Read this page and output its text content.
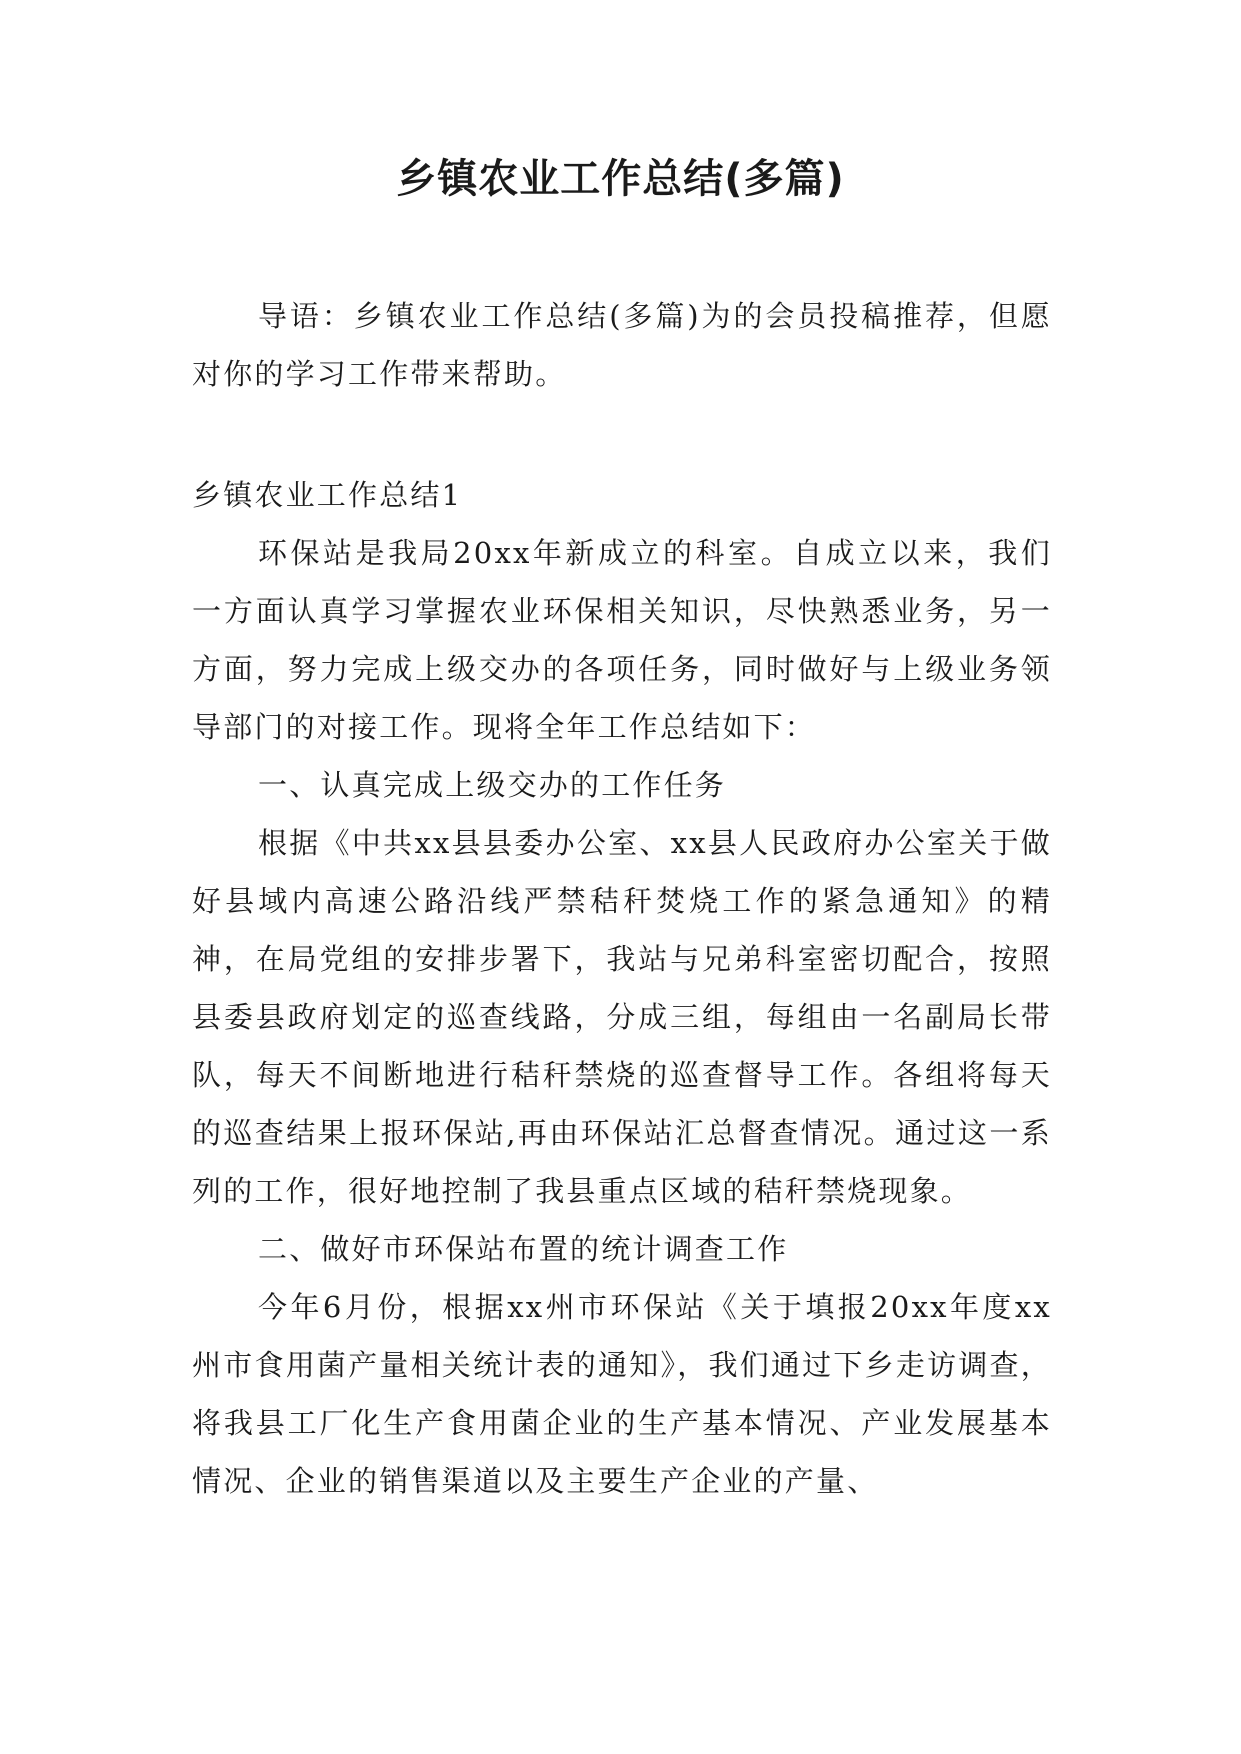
乡镇农业工作总结(多篇)

导语：乡镇农业工作总结(多篇)为的会员投稿推荐，但愿对你的学习工作带来帮助。

乡镇农业工作总结1

环保站是我局20xx年新成立的科室。自成立以来，我们一方面认真学习掌握农业环保相关知识，尽快熟悉业务，另一方面，努力完成上级交办的各项任务，同时做好与上级业务领导部门的对接工作。现将全年工作总结如下：

一、认真完成上级交办的工作任务

根据《中共xx县县委办公室、xx县人民政府办公室关于做好县域内高速公路沿线严禁秸秆焚烧工作的紧急通知》的精神，在局党组的安排步署下，我站与兄弟科室密切配合，按照县委县政府划定的巡查线路，分成三组，每组由一名副局长带队，每天不间断地进行秸秆禁烧的巡查督导工作。各组将每天的巡查结果上报环保站,再由环保站汇总督查情况。通过这一系列的工作，很好地控制了我县重点区域的秸秆禁烧现象。

二、做好市环保站布置的统计调查工作

今年6月份，根据xx州市环保站《关于填报20xx年度xx州市食用菌产量相关统计表的通知》，我们通过下乡走访调查，将我县工厂化生产食用菌企业的生产基本情况、产业发展基本情况、企业的销售渠道以及主要生产企业的产量、
